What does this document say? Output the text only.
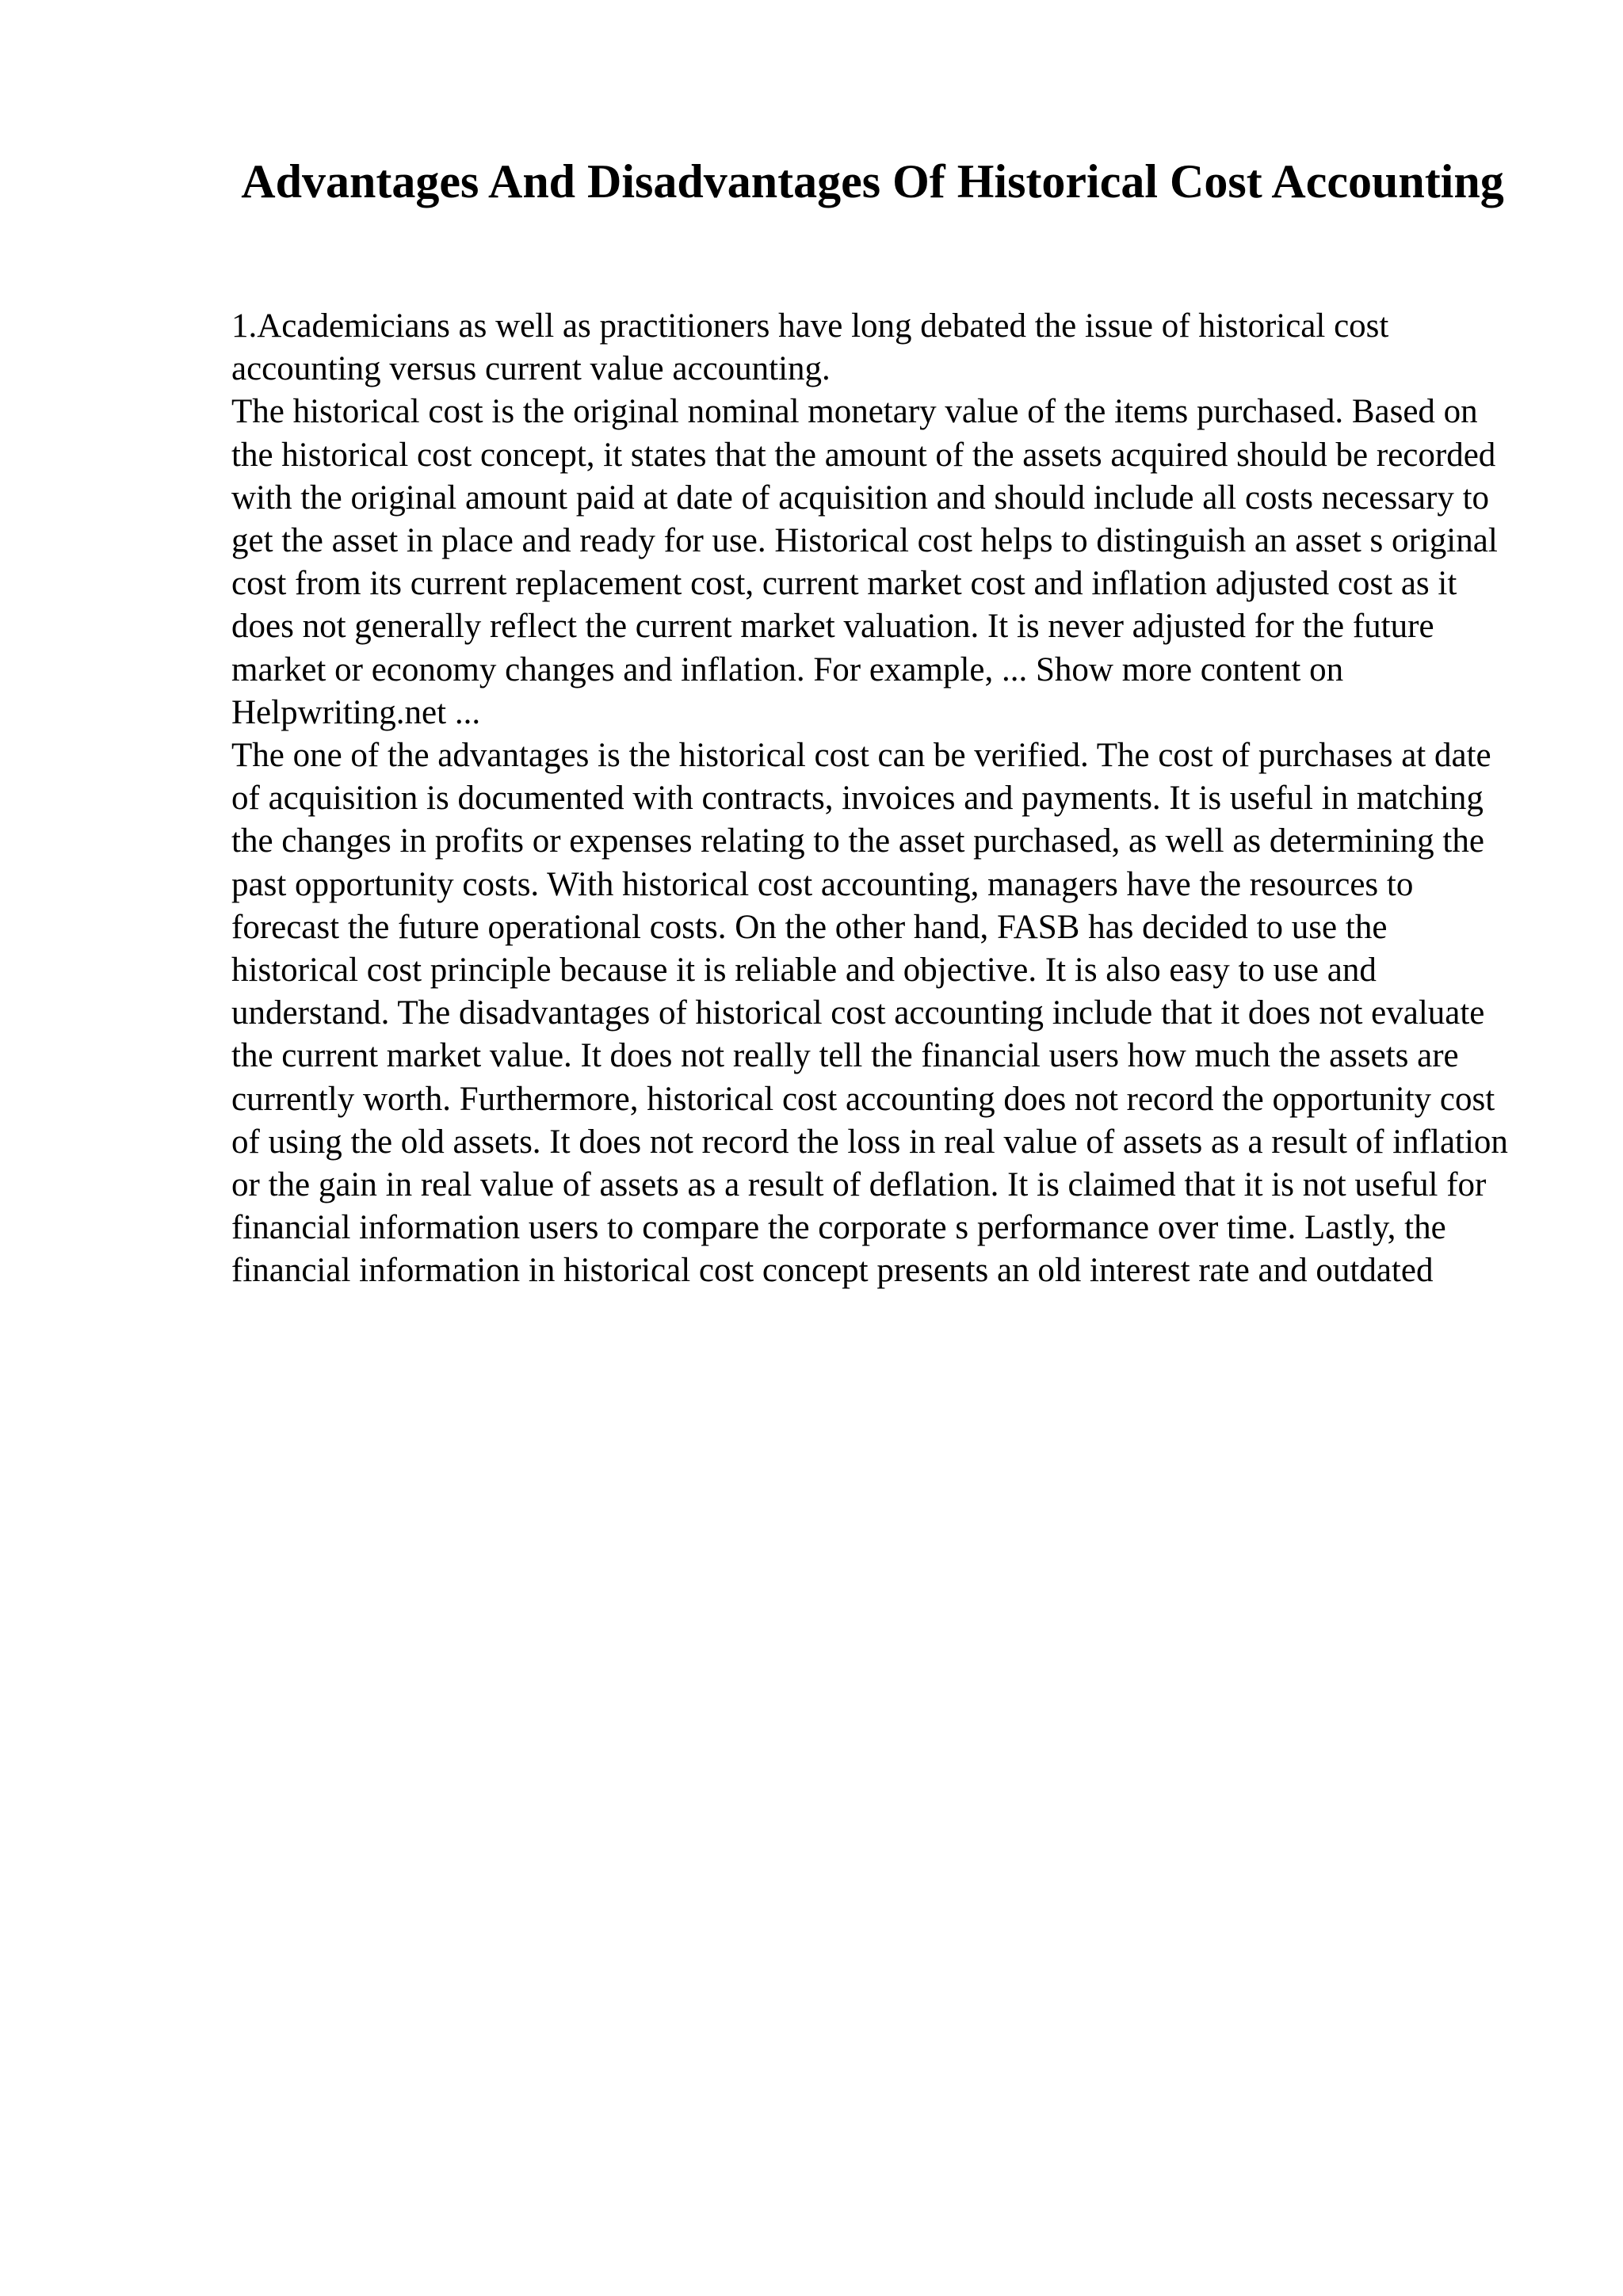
Advantages And Disadvantages Of Historical Cost Accounting

1.Academicians as well as practitioners have long debated the issue of historical cost accounting versus current value accounting.

The historical cost is the original nominal monetary value of the items purchased. Based on the historical cost concept, it states that the amount of the assets acquired should be recorded with the original amount paid at date of acquisition and should include all costs necessary to get the asset in place and ready for use. Historical cost helps to distinguish an asset s original cost from its current replacement cost, current market cost and inflation adjusted cost as it does not generally reflect the current market valuation. It is never adjusted for the future market or economy changes and inflation. For example, ... Show more content on Helpwriting.net ...

The one of the advantages is the historical cost can be verified. The cost of purchases at date of acquisition is documented with contracts, invoices and payments. It is useful in matching the changes in profits or expenses relating to the asset purchased, as well as determining the past opportunity costs. With historical cost accounting, managers have the resources to forecast the future operational costs. On the other hand, FASB has decided to use the historical cost principle because it is reliable and objective. It is also easy to use and understand. The disadvantages of historical cost accounting include that it does not evaluate the current market value. It does not really tell the financial users how much the assets are currently worth. Furthermore, historical cost accounting does not record the opportunity cost of using the old assets. It does not record the loss in real value of assets as a result of inflation or the gain in real value of assets as a result of deflation. It is claimed that it is not useful for financial information users to compare the corporate s performance over time. Lastly, the financial information in historical cost concept presents an old interest rate and outdated
